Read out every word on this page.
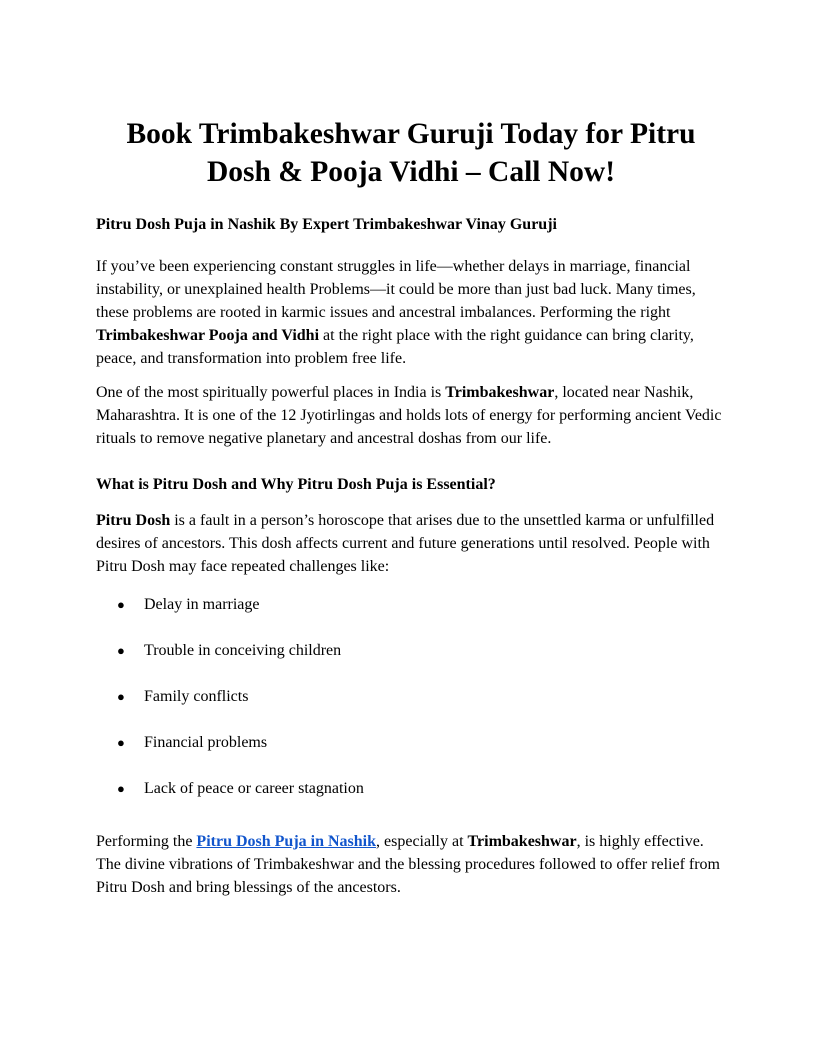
Book Trimbakeshwar Guruji Today for Pitru
Dosh & Pooja Vidhi – Call Now!
Pitru Dosh Puja in Nashik By Expert Trimbakeshwar Vinay Guruji

If you’ve been experiencing constant struggles in life—whether delays in marriage, financial instability, or unexplained health Problems—it could be more than just bad luck. Many times, these problems are rooted in karmic issues and ancestral imbalances. Performing the right Trimbakeshwar Pooja and Vidhi at the right place with the right guidance can bring clarity, peace, and transformation into problem free life.

One of the most spiritually powerful places in India is Trimbakeshwar, located near Nashik, Maharashtra. It is one of the 12 Jyotirlingas and holds lots of energy for performing ancient Vedic rituals to remove negative planetary and ancestral doshas from our life.

What is Pitru Dosh and Why Pitru Dosh Puja is Essential?

Pitru Dosh is a fault in a person’s horoscope that arises due to the unsettled karma or unfulfilled desires of ancestors. This dosh affects current and future generations until resolved. People with Pitru Dosh may face repeated challenges like:

● Delay in marriage
● Trouble in conceiving children
● Family conflicts
● Financial problems
● Lack of peace or career stagnation

Performing the Pitru Dosh Puja in Nashik, especially at Trimbakeshwar, is highly effective. The divine vibrations of Trimbakeshwar and the blessing procedures followed to offer relief from Pitru Dosh and bring blessings of the ancestors.
